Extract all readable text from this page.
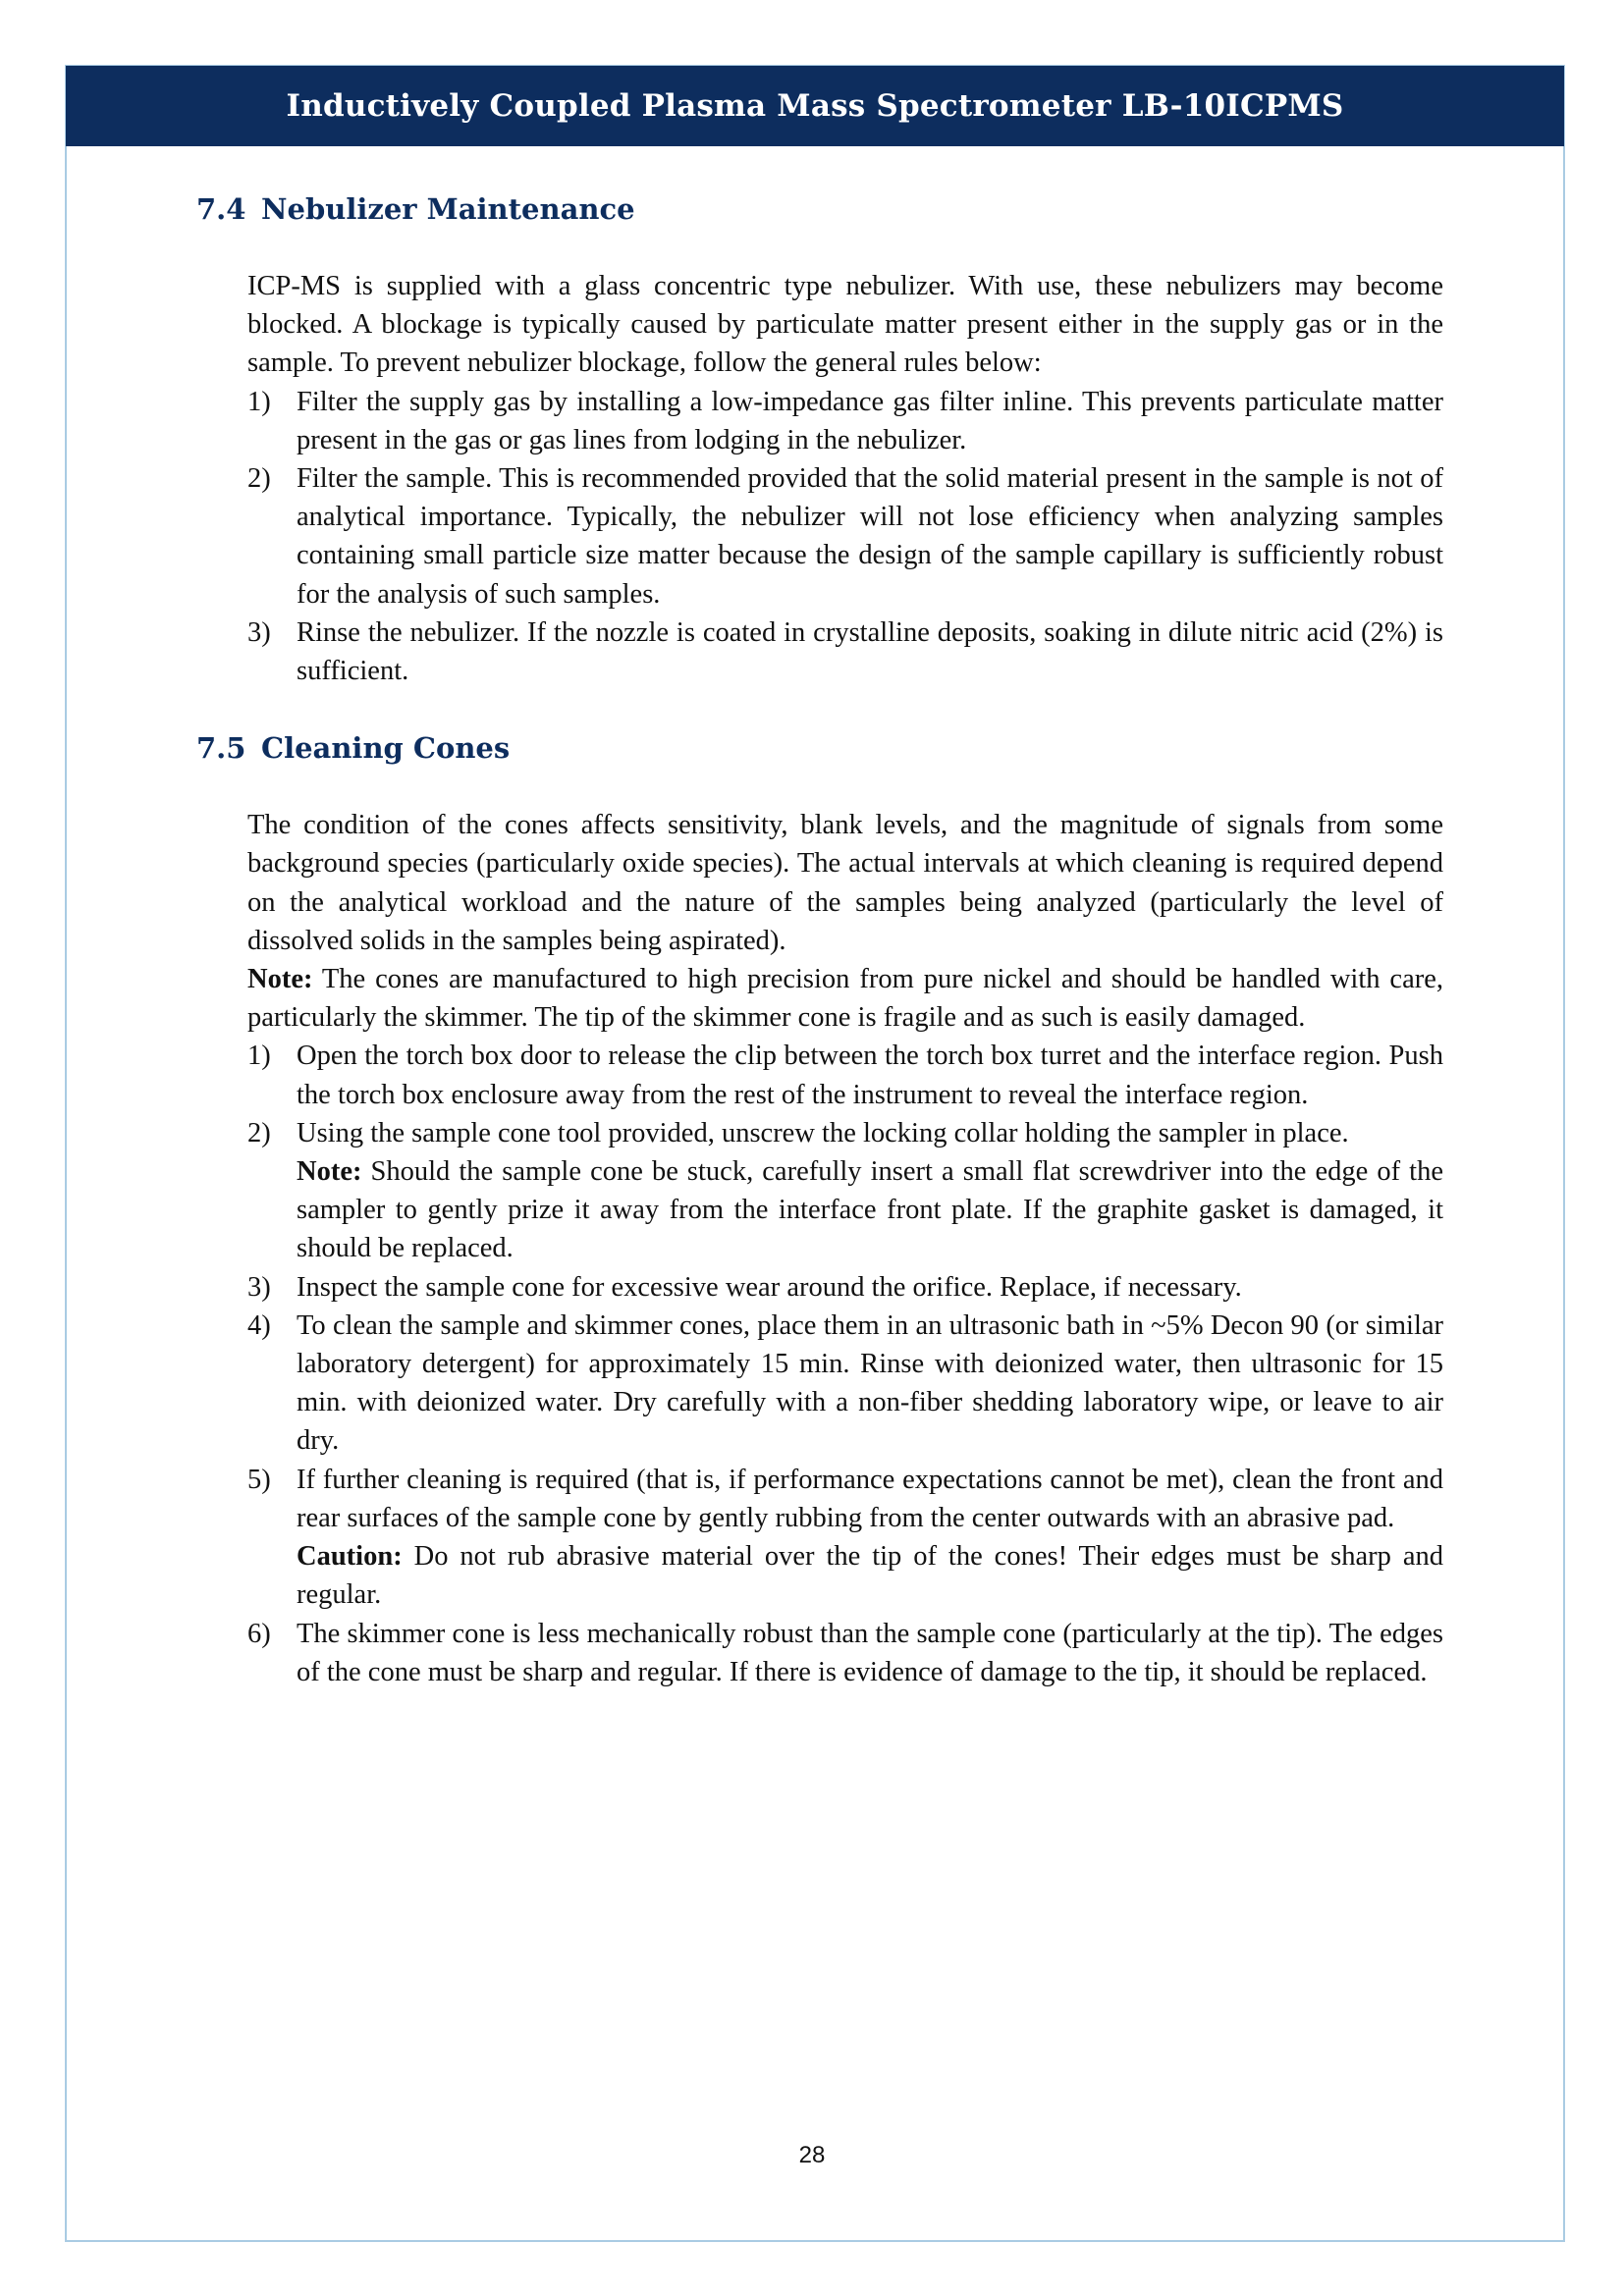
Inductively Coupled Plasma Mass Spectrometer LB-10ICPMS
7.4 Nebulizer Maintenance

ICP-MS is supplied with a glass concentric type nebulizer. With use, these nebulizers may become blocked. A blockage is typically caused by particulate matter present either in the supply gas or in the sample. To prevent nebulizer blockage, follow the general rules below:

1) Filter the supply gas by installing a low-impedance gas filter inline. This prevents particulate matter present in the gas or gas lines from lodging in the nebulizer.
2) Filter the sample. This is recommended provided that the solid material present in the sample is not of analytical importance. Typically, the nebulizer will not lose efficiency when analyzing samples containing small particle size matter because the design of the sample capillary is sufficiently robust for the analysis of such samples.
3) Rinse the nebulizer. If the nozzle is coated in crystalline deposits, soaking in dilute nitric acid (2%) is sufficient.
7.5 Cleaning Cones

The condition of the cones affects sensitivity, blank levels, and the magnitude of signals from some background species (particularly oxide species). The actual intervals at which cleaning is required depend on the analytical workload and the nature of the samples being analyzed (particularly the level of dissolved solids in the samples being aspirated).

Note: The cones are manufactured to high precision from pure nickel and should be handled with care, particularly the skimmer. The tip of the skimmer cone is fragile and as such is easily damaged.

1) Open the torch box door to release the clip between the torch box turret and the interface region. Push the torch box enclosure away from the rest of the instrument to reveal the interface region.
2) Using the sample cone tool provided, unscrew the locking collar holding the sampler in place.
Note: Should the sample cone be stuck, carefully insert a small flat screwdriver into the edge of the sampler to gently prize it away from the interface front plate. If the graphite gasket is damaged, it should be replaced.
3) Inspect the sample cone for excessive wear around the orifice. Replace, if necessary.
4) To clean the sample and skimmer cones, place them in an ultrasonic bath in ~5% Decon 90 (or similar laboratory detergent) for approximately 15 min. Rinse with deionized water, then ultrasonic for 15 min. with deionized water. Dry carefully with a non-fiber shedding laboratory wipe, or leave to air dry.
5) If further cleaning is required (that is, if performance expectations cannot be met), clean the front and rear surfaces of the sample cone by gently rubbing from the center outwards with an abrasive pad.
Caution: Do not rub abrasive material over the tip of the cones! Their edges must be sharp and regular.
6) The skimmer cone is less mechanically robust than the sample cone (particularly at the tip). The edges of the cone must be sharp and regular. If there is evidence of damage to the tip, it should be replaced.
28
